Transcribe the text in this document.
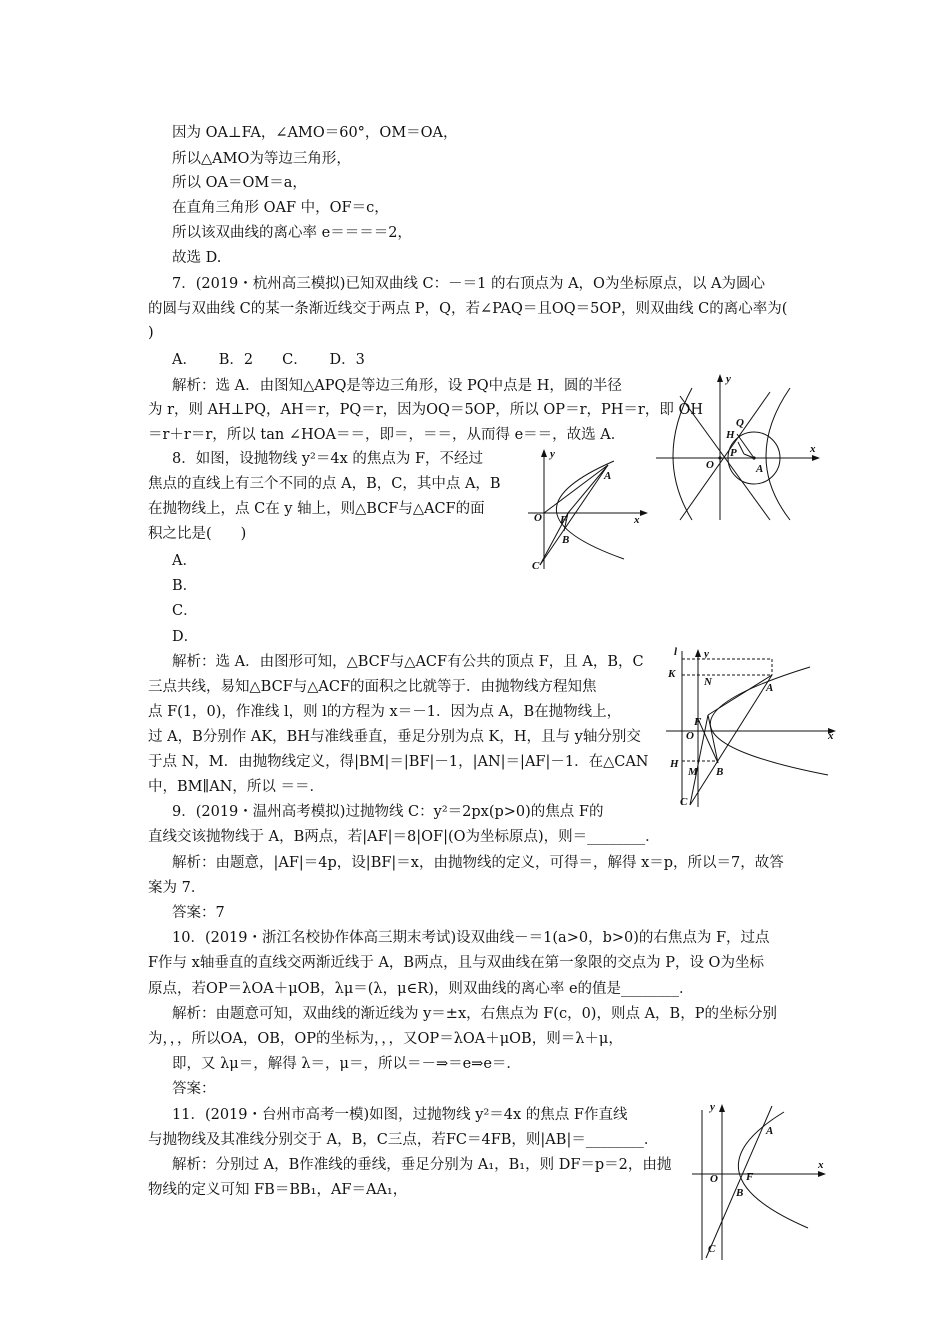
因为 OA⊥FA，∠AMO＝60°，OM＝OA，
所以△AMO为等边三角形，
所以 OA＝OM＝a，
在直角三角形 OAF 中，OF＝c，
所以该双曲线的离心率 e＝＝＝＝2，
故选 D.
7．(2019・杭州高三模拟)已知双曲线 C：－＝1 的右顶点为 A，O为坐标原点，以 A为圆心
的圆与双曲线 C的某一条渐近线交于两点 P，Q，若∠PAQ＝且OQ＝5OP，则双曲线 C的离心率为(
)
A．　　B．2　　C．　　D．3
解析：选 A．由图知△APQ是等边三角形，设 PQ中点是 H，圆的半径
为 r，则 AH⊥PQ，AH＝r，PQ＝r，因为OQ＝5OP，所以 OP＝r，PH＝r，即 OH
＝r＋r＝r，所以 tan ∠HOA＝＝，即＝，＝＝，从而得 e＝＝，故选 A．
8．如图，设抛物线 y²＝4x 的焦点为 F，不经过
焦点的直线上有三个不同的点 A，B，C，其中点 A，B
在抛物线上，点 C在 y 轴上，则△BCF与△ACF的面
积之比是(　　)
A．
B．
C．
D．
解析：选 A．由图形可知，△BCF与△ACF有公共的顶点 F，且 A，B，C
三点共线，易知△BCF与△ACF的面积之比就等于．由抛物线方程知焦
点 F(1，0)，作准线 l，则 l的方程为 x＝－1．因为点 A，B在抛物线上，
过 A，B分别作 AK，BH与准线垂直，垂足分别为点 K，H，且与 y轴分别交
于点 N，M．由抛物线定义，得|BM|＝|BF|－1，|AN|＝|AF|－1．在△CAN
中，BM∥AN，所以 ＝＝．
9．(2019・温州高考模拟)过抛物线 C：y²＝2px(p>0)的焦点 F的
直线交该抛物线于 A，B两点，若|AF|＝8|OF|(O为坐标原点)，则＝________．
解析：由题意，|AF|＝4p，设|BF|＝x，由抛物线的定义，可得＝，解得 x＝p，所以＝7，故答
案为 7．
答案：7
10．(2019・浙江名校协作体高三期末考试)设双曲线－＝1(a>0，b>0)的右焦点为 F，过点
F作与 x轴垂直的直线交两渐近线于 A，B两点，且与双曲线在第一象限的交点为 P，设 O为坐标
原点，若OP＝λOA＋μOB，λμ＝(λ，μ∈R)，则双曲线的离心率 e的值是________．
解析：由题意可知，双曲线的渐近线为 y＝±x，右焦点为 F(c，0)，则点 A，B，P的坐标分别
为，，，所以OA，OB，OP的坐标为，，，又OP＝λOA＋μOB，则＝λ＋μ，
即，又 λμ＝，解得 λ＝，μ＝，所以＝－⇒＝e⇒e＝．
答案：
11．(2019・台州市高考一模)如图，过抛物线 y²＝4x 的焦点 F作直线
与抛物线及其准线分别交于 A，B，C三点，若FC＝4FB，则|AB|＝________．
解析：分别过 A，B作准线的垂线，垂足分别为 A₁，B₁，则 DF＝p＝2，由抛
物线的定义可知 FB＝BB₁，AF＝AA₁，
y
x
O
H
Q
P
A
y
x
O F
A
B
C
l y
K
N	A
F
O	x
H
M B
C
y
x
O	F
A
B
C
